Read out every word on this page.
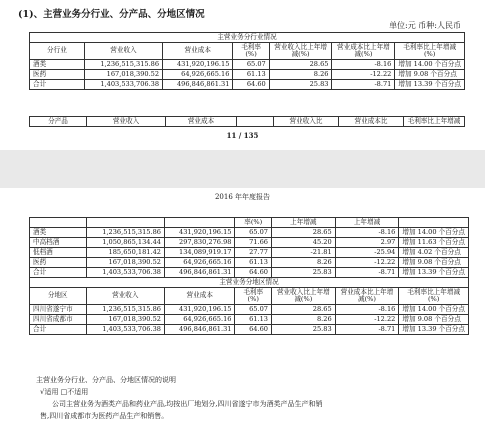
(1)、主营业务分行业、分产品、分地区情况
单位:元 币种:人民币
主营业务分行业情况						
分行业	营业收入	营业成本	毛利率(%)	营业收入比上年增减(%)	营业成本比上年增减(%)	毛利率比上年增减(%)
酒类	1,236,515,315.86	431,920,196.15	65.07	28.65	-8.16	增加 14.00 个百分点
医药	167,018,390.52	64,926,665.16	61.13	8.26	-12.22	增加 9.08 个百分点
合计	1,403,533,706.38	496,846,861.31	64.60	25.83	-8.71	增加 13.39 个百分点
分产品	营业收入	营业成本		营业收入比	营业成本比	毛利率比上年增减
11 / 135
2016 年年度报告
			率(%)	上年增减	上年增减	
酒类	1,236,515,315.86	431,920,196.15	65.07	28.65	-8.16	增加 14.00 个百分点
中高档酒	1,050,865,134.44	297,830,276.98	71.66	45.20	2.97	增加 11.63 个百分点
低档酒	185,650,181.42	134,089,919.17	27.77	-21.81	-25.94	增加 4.02 个百分点
医药	167,018,390.52	64,926,665.16	61.13	8.26	-12.22	增加 9.08 个百分点
合计	1,403,533,706.38	496,846,861.31	64.60	25.83	-8.71	增加 13.39 个百分点
主营业务分地区情况						
分地区	营业收入	营业成本	毛利率(%)	营业收入比上年增减(%)	营业成本比上年增减(%)	毛利率比上年增减(%)
四川省遂宁市	1,236,515,315.86	431,920,196.15	65.07	28.65	-8.16	增加 14.00 个百分点
四川省成都市	167,018,390.52	64,926,665.16	61.13	8.26	-12.22	增加 9.08 个百分点
合计	1,403,533,706.38	496,846,861.31	64.60	25.83	-8.71	增加 13.39 个百分点
主营业务分行业、分产品、分地区情况的说明
√适用 □不适用
公司主营业务为酒类产品和药业产品,均按出厂地划分,四川省遂宁市为酒类产品生产和销
售,四川省成都市为医药产品生产和销售。
